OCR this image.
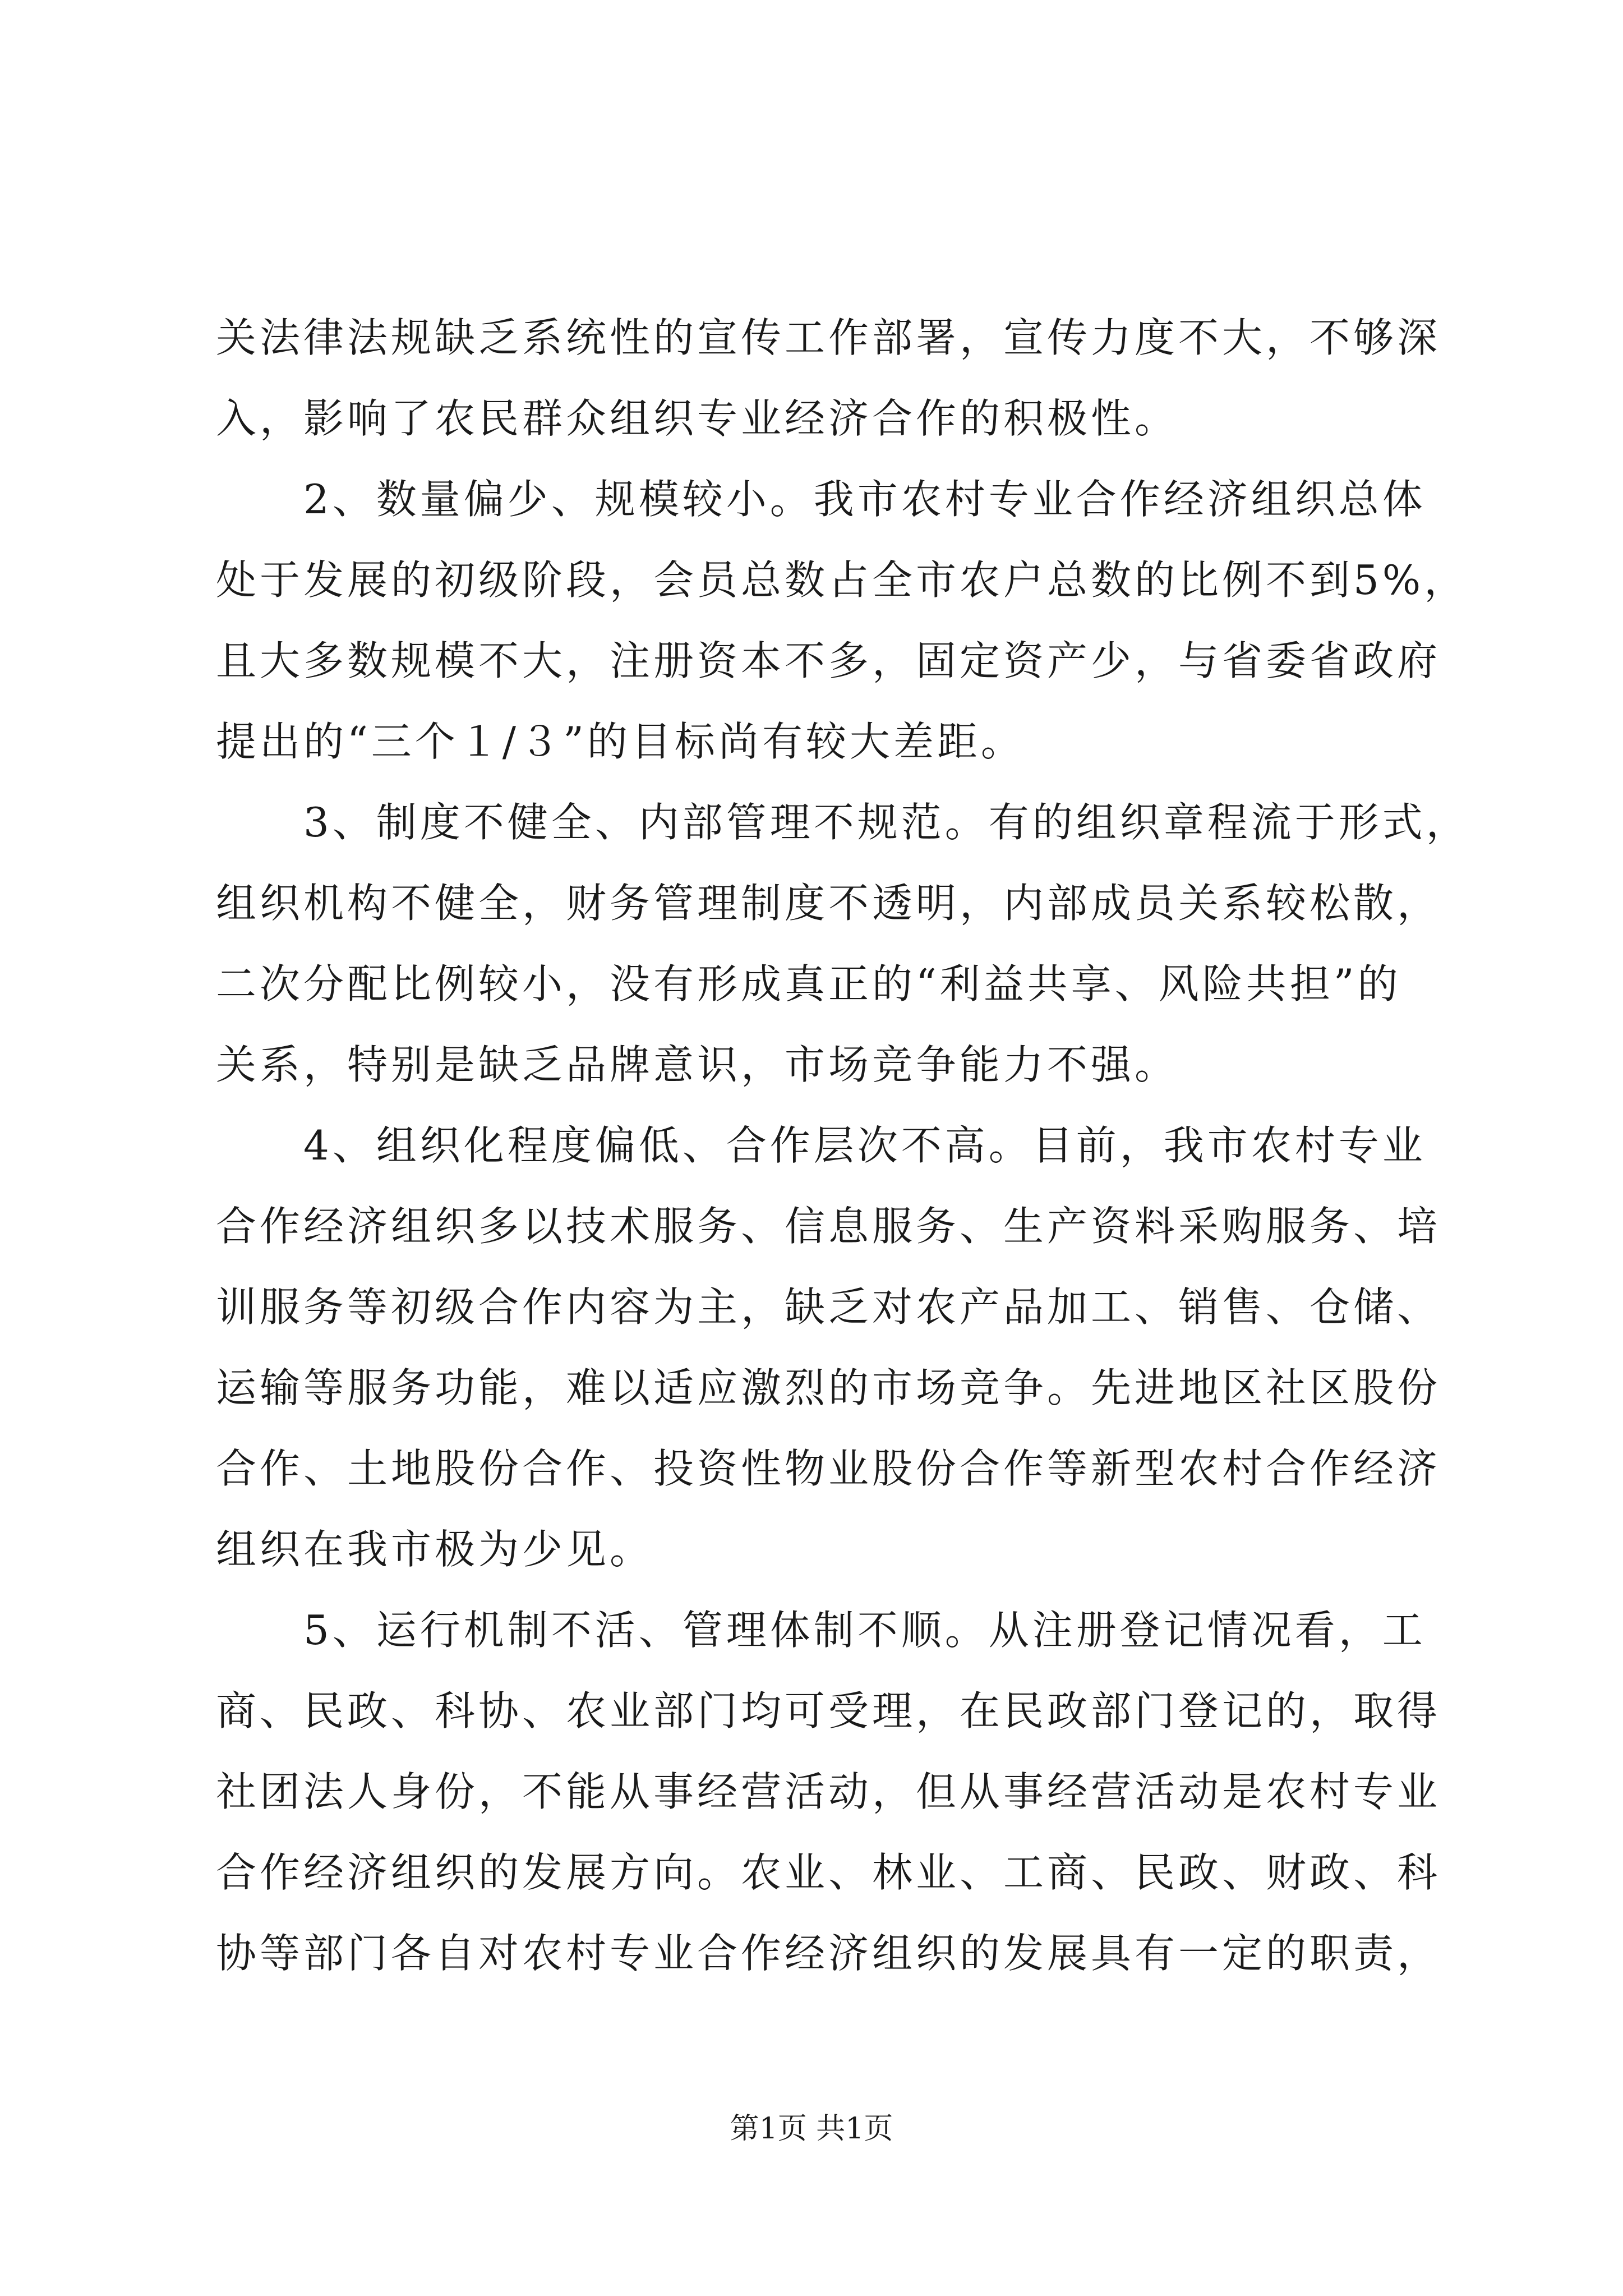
关法律法规缺乏系统性的宣传工作部署，宣传力度不大，不够深
入，影响了农民群众组织专业经济合作的积极性。
　　2、数量偏少、规模较小。我市农村专业合作经济组织总体
处于发展的初级阶段，会员总数占全市农户总数的比例不到5%，
且大多数规模不大，注册资本不多，固定资产少，与省委省政府
提出的“三个１/３”的目标尚有较大差距。
　　3、制度不健全、内部管理不规范。有的组织章程流于形式，
组织机构不健全，财务管理制度不透明，内部成员关系较松散，
二次分配比例较小，没有形成真正的“利益共享、风险共担”的
关系，特别是缺乏品牌意识，市场竞争能力不强。
　　4、组织化程度偏低、合作层次不高。目前，我市农村专业
合作经济组织多以技术服务、信息服务、生产资料采购服务、培
训服务等初级合作内容为主，缺乏对农产品加工、销售、仓储、
运输等服务功能，难以适应激烈的市场竞争。先进地区社区股份
合作、土地股份合作、投资性物业股份合作等新型农村合作经济
组织在我市极为少见。
　　5、运行机制不活、管理体制不顺。从注册登记情况看，工
商、民政、科协、农业部门均可受理，在民政部门登记的，取得
社团法人身份，不能从事经营活动，但从事经营活动是农村专业
合作经济组织的发展方向。农业、林业、工商、民政、财政、科
协等部门各自对农村专业合作经济组织的发展具有一定的职责，
第1页 共1页
